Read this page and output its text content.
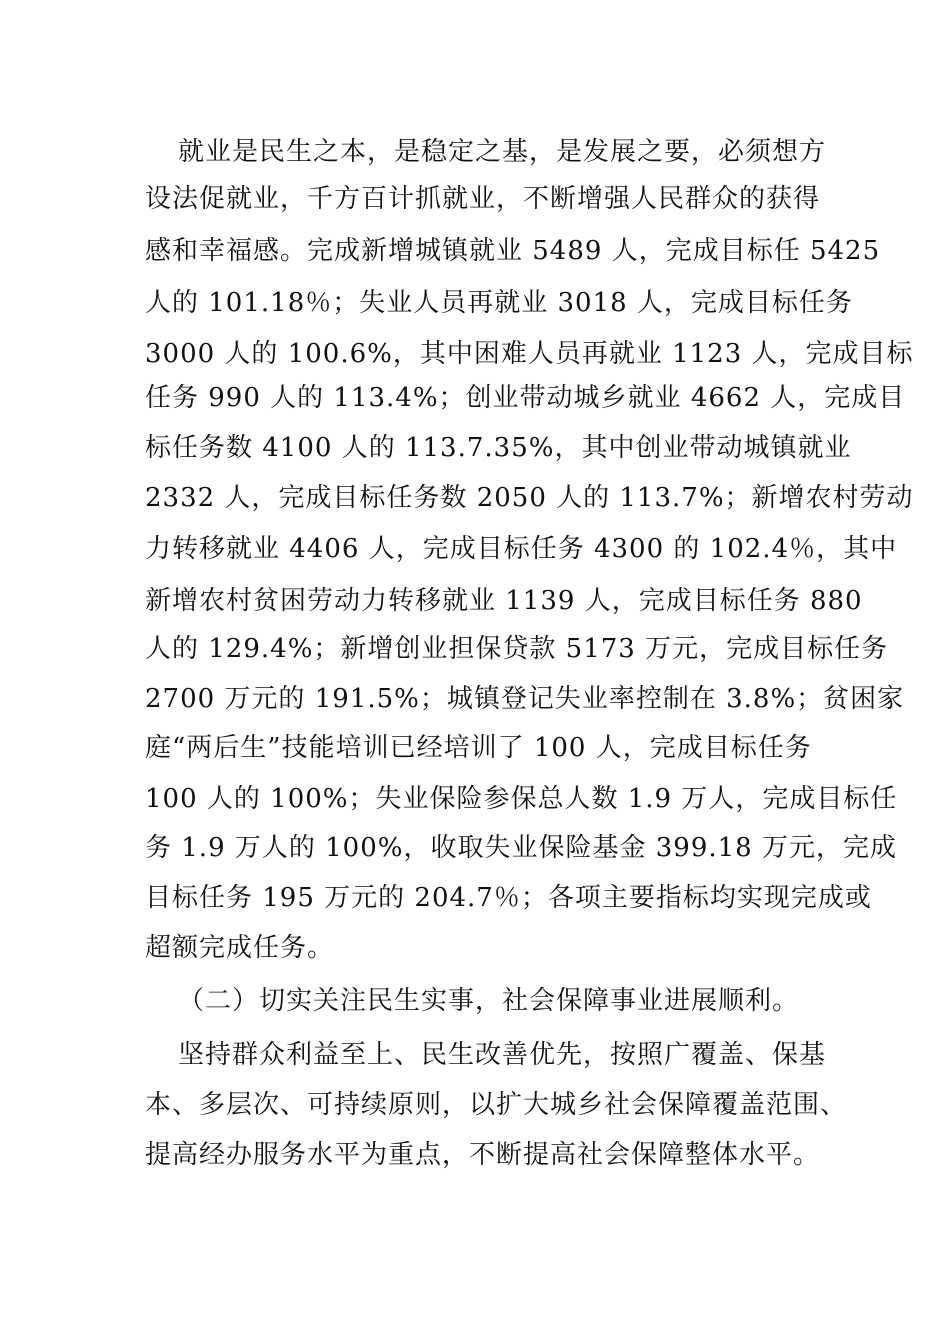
就业是民生之本，是稳定之基，是发展之要，必须想方
设法促就业，千方百计抓就业，不断增强人民群众的获得
感和幸福感。完成新增城镇就业 5489 人，完成目标任 5425
人的 101.18％；失业人员再就业 3018 人，完成目标任务
3000 人的 100.6%，其中困难人员再就业 1123 人，完成目标
任务 990 人的 113.4%；创业带动城乡就业 4662 人，完成目
标任务数 4100 人的 113.7.35%，其中创业带动城镇就业
2332 人，完成目标任务数 2050 人的 113.7%；新增农村劳动
力转移就业 4406 人，完成目标任务 4300 的 102.4％，其中
新增农村贫困劳动力转移就业 1139 人，完成目标任务 880
人的 129.4%；新增创业担保贷款 5173 万元，完成目标任务
2700 万元的 191.5%；城镇登记失业率控制在 3.8%；贫困家
庭“两后生”技能培训已经培训了 100 人，完成目标任务
100 人的 100%；失业保险参保总人数 1.9 万人，完成目标任
务 1.9 万人的 100%，收取失业保险基金 399.18 万元，完成
目标任务 195 万元的 204.7％；各项主要指标均实现完成或
超额完成任务。
（二）切实关注民生实事，社会保障事业进展顺利。
坚持群众利益至上、民生改善优先，按照广覆盖、保基
本、多层次、可持续原则，以扩大城乡社会保障覆盖范围、
提高经办服务水平为重点，不断提高社会保障整体水平。
